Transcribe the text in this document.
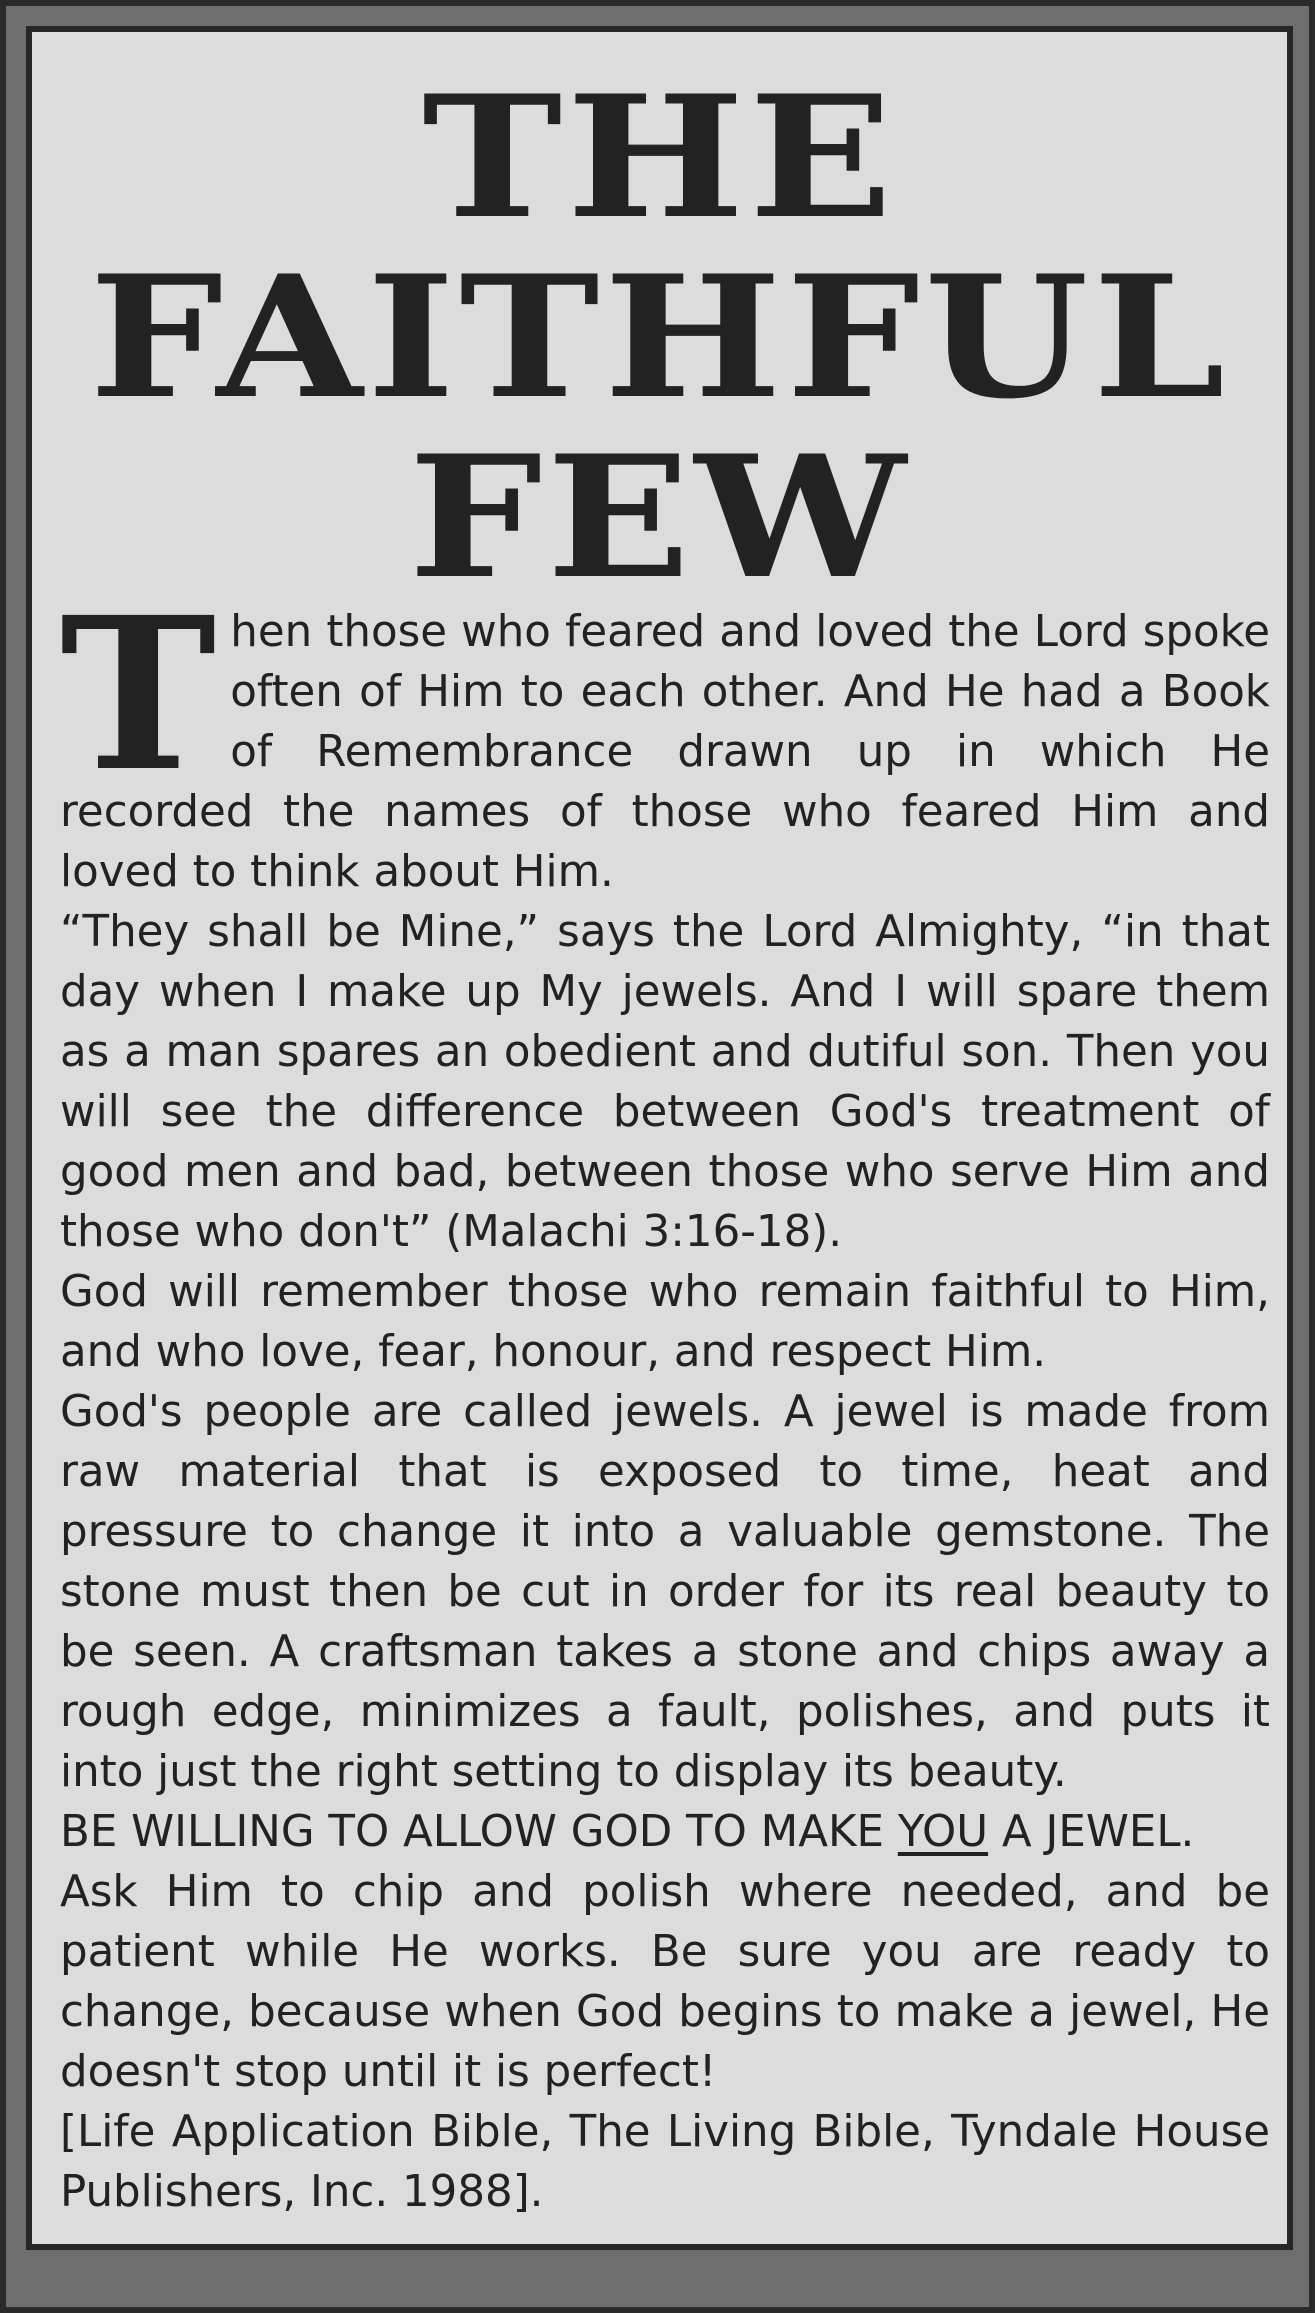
THE
FAITHFUL
FEW

Then those who feared and loved the Lord spoke often of Him to each other. And He had a Book of Remembrance drawn up in which He recorded the names of those who feared Him and loved to think about Him.

“They shall be Mine,” says the Lord Almighty, “in that day when I make up My jewels. And I will spare them as a man spares an obedient and dutiful son. Then you will see the difference between God's treatment of good men and bad, between those who serve Him and those who don't” (Malachi 3:16-18).

God will remember those who remain faithful to Him, and who love, fear, honour, and respect Him.

God's people are called jewels. A jewel is made from raw material that is exposed to time, heat and pressure to change it into a valuable gemstone. The stone must then be cut in order for its real beauty to be seen. A craftsman takes a stone and chips away a rough edge, minimizes a fault, polishes, and puts it into just the right setting to display its beauty.

BE WILLING TO ALLOW GOD TO MAKE YOU A JEWEL.

Ask Him to chip and polish where needed, and be patient while He works. Be sure you are ready to change, because when God begins to make a jewel, He doesn't stop until it is perfect!

[Life Application Bible, The Living Bible, Tyndale House Publishers, Inc. 1988].
